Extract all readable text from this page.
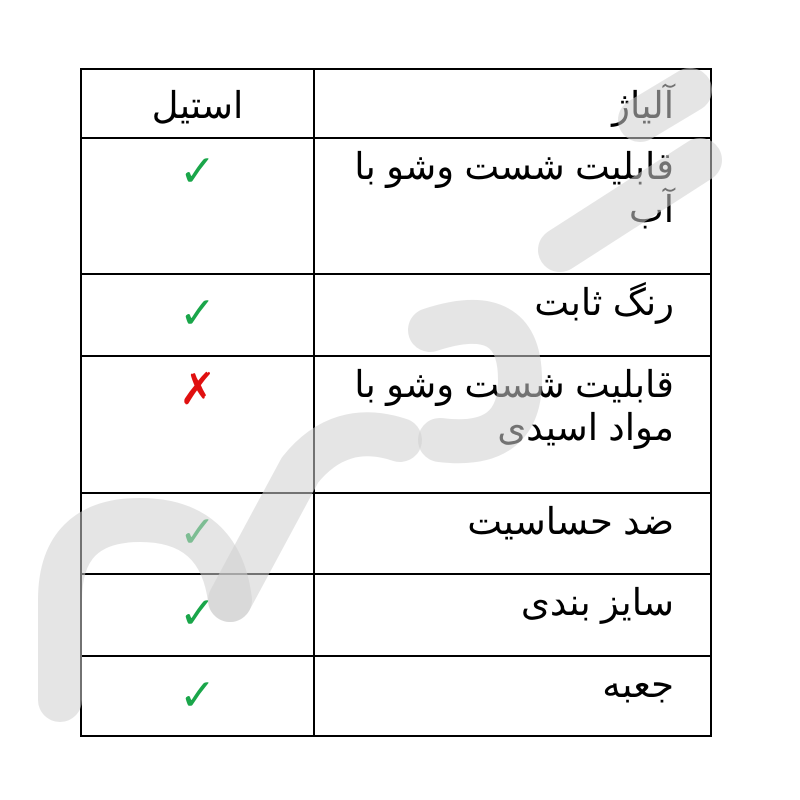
آلیاژ
استیل
قابلیت شست وشو با آب
✓
رنگ ثابت
✓
قابلیت شست وشو با مواد اسیدی
✗
ضد حساسیت
✓
سایز بندی
✓
جعبه
✓
